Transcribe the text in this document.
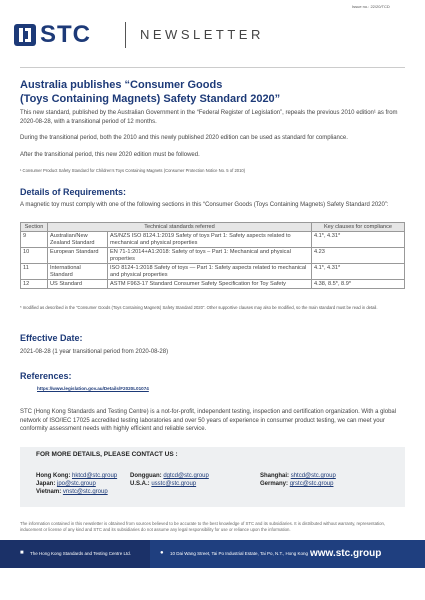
Issue no.: 22/20/TCD
STC	NEWSLETTER
Australia publishes “Consumer Goods
(Toys Containing Magnets) Safety Standard 2020”
This new standard, published by the Australian Government in the “Federal Register of Legislation”, repeals the previous 2010 edition¹ as from 2020-08-28, with a transitional period of 12 months.
During the transitional period, both the 2010 and this newly published 2020 edition can be used as standard for compliance.
After the transitional period, this new 2020 edition must be followed.
¹ Consumer Product Safety Standard for Children’s Toys Containing Magnets (Consumer Protection Notice No. 5 of 2010)
Details of Requirements:
A magnetic toy must comply with one of the following sections in this “Consumer Goods (Toys Containing Magnets) Safety Standard 2020”:
Section	Technical standards referred		Key clauses for compliance
9	Australian/New Zealand Standard	AS/NZS ISO 8124.1:2019 Safety of toys Part 1: Safety aspects related to mechanical and physical properties	4.1*, 4.31*
10	European Standard	EN 71‑1:2014+A1:2018: Safety of toys – Part 1: Mechanical and physical properties	4.23
11	International Standard	ISO 8124‑1:2018 Safety of toys — Part 1: Safety aspects related to mechanical and physical properties	4.1*, 4.31*
12	US Standard	ASTM F963‑17 Standard Consumer Safety Specification for Toy Safety	4.38, 8.5*, 8.9*
* modified as described in the “Consumer Goods (Toys Containing Magnets) Safety Standard 2020”. Other supportive clauses may also be modified, so the main standard must be read in detail.
Effective Date:
2021-08-28 (1 year transitional period from 2020-08-28)
References:
https://www.legislation.gov.au/Details/F2020L01074
STC (Hong Kong Standards and Testing Centre) is a not-for-profit, independent testing, inspection and certification organization. With a global network of ISO/IEC 17025 accredited testing laboratories and over 50 years of experience in consumer product testing, we can meet your conformity assessment needs with highly efficient and reliable service.
FOR MORE DETAILS, PLEASE CONTACT US :
Hong Kong: hktcd@stc.group
Japan: jpo@stc.group
Vietnam: vnstc@stc.group
Dongguan: dgtcd@stc.group
U.S.A.: usstc@stc.group
Shanghai: shtcd@stc.group
Germany: grstc@stc.group
The information contained in this newsletter is obtained from sources believed to be accurate to the best knowledge of STC and its subsidiaries. It is distributed without warranty, representation, inducement or license of any kind and STC and its subsidiaries do not assume any legal responsibility for use or reliance upon the information.
■ The Hong Kong Standards and Testing Centre Ltd.	● 10 Dai Wang Street, Tai Po Industrial Estate, Tai Po, N.T., Hong Kong www.stc.group
